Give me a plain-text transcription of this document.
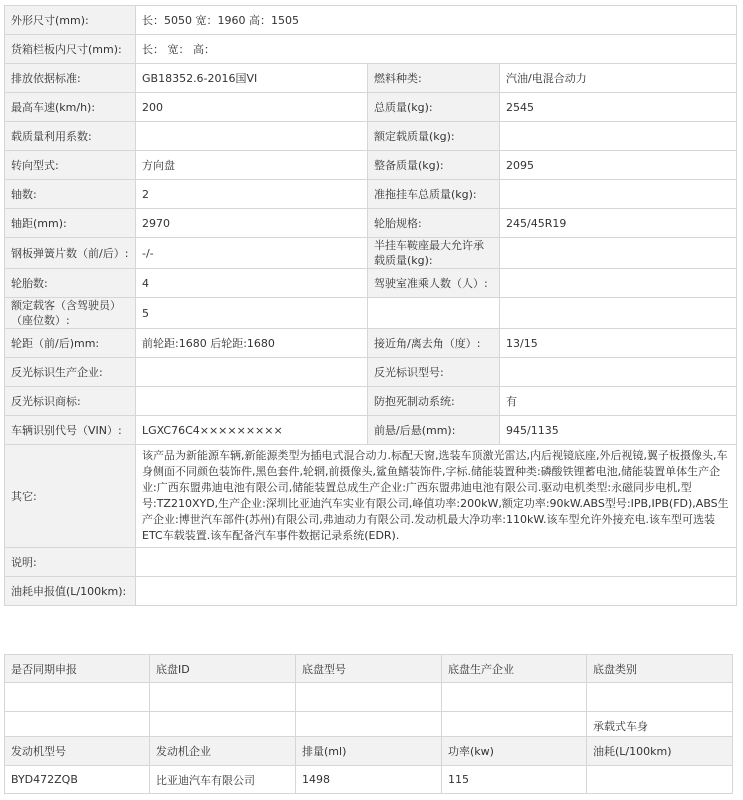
外形尺寸(mm):	长：5050 宽：1960 高：1505		
货箱栏板内尺寸(mm):	长： 宽： 高：		
排放依据标准:	GB18352.6-2016国VI	燃料种类:	汽油/电混合动力
最高车速(km/h):	200	总质量(kg):	2545
载质量利用系数:		额定载质量(kg):	
转向型式:	方向盘	整备质量(kg):	2095
轴数:	2	准拖挂车总质量(kg):	
轴距(mm):	2970	轮胎规格:	245/45R19
钢板弹簧片数（前/后）:	-/-	半挂车鞍座最大允许承载质量(kg):	
轮胎数:	4	驾驶室准乘人数（人）:	
额定载客（含驾驶员）（座位数）:	5		
轮距（前/后)mm:	前轮距:1680 后轮距:1680	接近角/离去角（度）:	13/15
反光标识生产企业:		反光标识型号:	
反光标识商标:		防抱死制动系统:	有
车辆识别代号（VIN）:	LGXC76C4×××××××××	前悬/后悬(mm):	945/1135
其它:	该产品为新能源车辆,新能源类型为插电式混合动力.标配天窗,选装车顶激光雷达,内后视镜底座,外后视镜,翼子板摄像头,车身侧面不同颜色装饰件,黑色套件,轮辋,前摄像头,鲨鱼鳍装饰件,字标.储能装置种类:磷酸铁锂蓄电池,储能装置单体生产企业:广西东盟弗迪电池有限公司,储能装置总成生产企业:广西东盟弗迪电池有限公司.驱动电机类型:永磁同步电机,型号:TZ210XYD,生产企业:深圳比亚迪汽车实业有限公司,峰值功率:200kW,额定功率:90kW.ABS型号:IPB,IPB(FD),ABS生产企业:博世汽车部件(苏州)有限公司,弗迪动力有限公司.发动机最大净功率:110kW.该车型允许外接充电.该车型可选装ETC车载装置.该车配备汽车事件数据记录系统(EDR).		
说明:			
油耗申报值(L/100km):			
是否同期申报	底盘ID	底盘型号	底盘生产企业	底盘类别

				承载式车身
发动机型号	发动机企业	排量(ml)	功率(kw)	油耗(L/100km)
BYD472ZQB	比亚迪汽车有限公司	1498	115	
